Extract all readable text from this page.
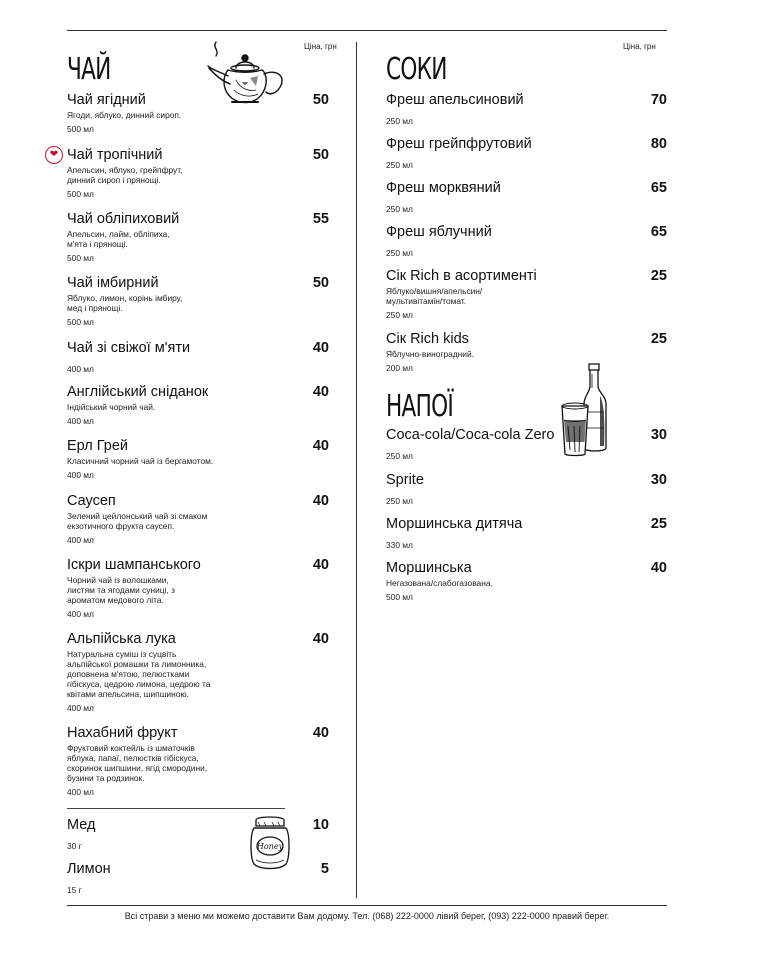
Ціна, грн
ЧАЙ
❤
Чай ягідний
Ягоди, яблуко, динний сироп.
500 мл
50
Чай тропічний
Апельсин, яблуко, грейпфрут, динний сироп і прянощі.
500 мл
50
Чай обліпиховий
Апельсин, лайм, обліпиха, м'ята і прянощі.
500 мл
55
Чай імбирний
Яблуко, лимон, корінь імбиру, мед і прянощі.
500 мл
50
Чай зі свіжої м'яти
400 мл
40
Англійський сніданок
Індійський чорний чай.
400 мл
40
Ерл Грей
Класичний чорний чай із бергамотом.
400 мл
40
Саусеп
Зелений цейлонський чай зі смаком екзотичного фрукта саусеп.
400 мл
40
Іскри шампанського
Чорний чай із волошками, листям та ягодами суниці, з ароматом медового літа.
400 мл
40
Альпійська лука
Натуральна суміш із суцвіть альпійської ромашки та лимонника, доповнена м'ятою, пелюстками гібіскуса, цедрою лимона, цедрою та квітами апельсина, шипшиною.
400 мл
40
Нахабний фрукт
Фруктовий коктейль із шматочків яблука, папаї, пелюстків гібіскуса, скоринок шипшини, ягід смородини, бузини та родзинок.
400 мл
40
Мед
30 г
10
Лимон
15 г
5
Honey
Ціна, грн
СОКИ
Фреш апельсиновий
250 мл
70
Фреш грейпфрутовий
250 мл
80
Фреш морквяний
250 мл
65
Фреш яблучний
250 мл
65
Сік Rich в асортименті
Яблуко/вишня/апельсин/ мультивітамін/томат.
250 мл
25
Сік Rich kids
Яблучно-виноградний.
200 мл
25
НАПОЇ
Coca-cola/Coca-cola Zero
250 мл
30
Sprite
250 мл
30
Моршинська дитяча
330 мл
25
Моршинська
Негазована/слабогазована.
500 мл
40
Всі страви з меню ми можемо доставити Вам додому. Тел. (068) 222-0000 лівий берег, (093) 222-0000 правий берег.
